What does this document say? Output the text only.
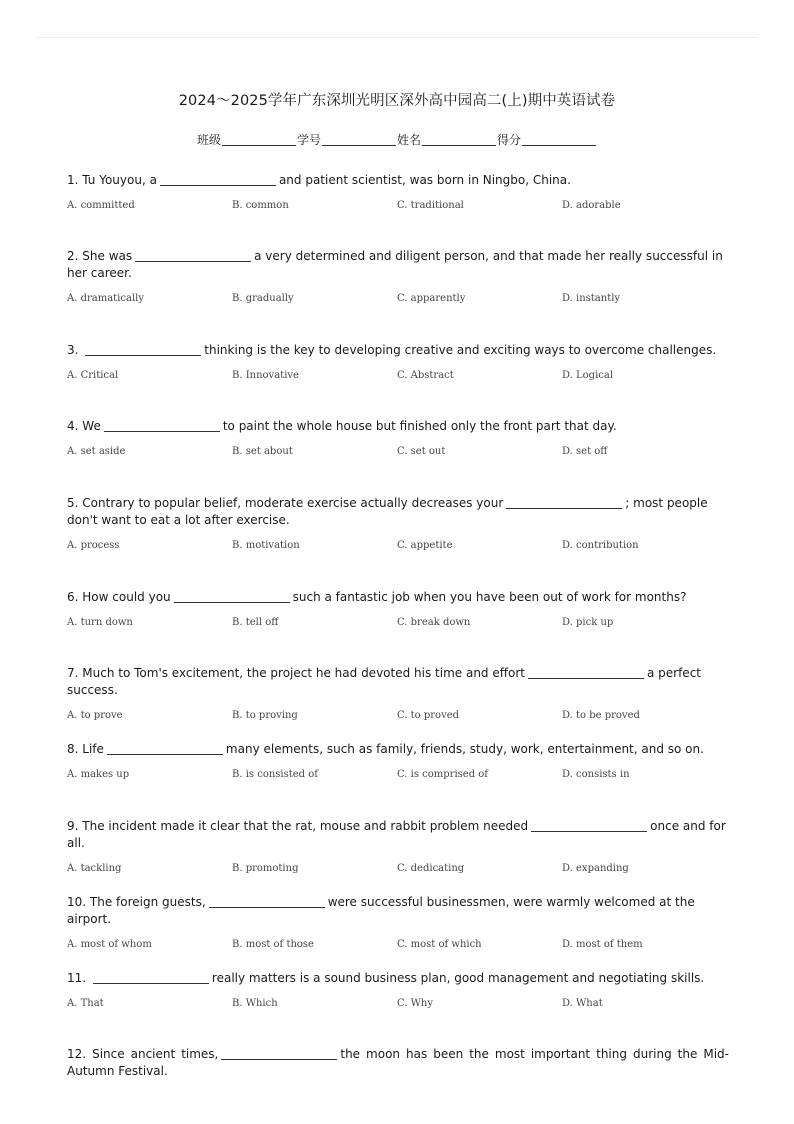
2024～2025学年广东深圳光明区深外高中园高二(上)期中英语试卷
班级	学号	姓名	得分

1. Tu Youyou, a	and patient scientist, was born in Ningbo, China.

A. committed	B. common	C. traditional	D. adorable

2. She was	a very determined and diligent person, and that made her really successful in her career.

A. dramatically	B. gradually	C. apparently	D. instantly

3.	thinking is the key to developing creative and exciting ways to overcome challenges.

A. Critical	B. Innovative	C. Abstract	D. Logical

4. We	to paint the whole house but finished only the front part that day.

A. set aside	B. set about	C. set out	D. set off

5. Contrary to popular belief, moderate exercise actually decreases your	; most people don't want to eat a lot after exercise.

A. process	B. motivation	C. appetite	D. contribution

6. How could you	such a fantastic job when you have been out of work for months?

A. turn down	B. tell off	C. break down	D. pick up

7. Much to Tom's excitement, the project he had devoted his time and effort	a perfect success.

A. to prove	B. to proving	C. to proved	D. to be proved

8. Life	many elements, such as family, friends, study, work, entertainment, and so on.

A. makes up	B. is consisted of	C. is comprised of	D. consists in

9. The incident made it clear that the rat, mouse and rabbit problem needed	once and for all.

A. tackling	B. promoting	C. dedicating	D. expanding

10. The foreign guests,	were successful businessmen, were warmly welcomed at the airport.

A. most of whom	B. most of those	C. most of which	D. most of them

11.	really matters is a sound business plan, good management and negotiating skills.

A. That	B. Which	C. Why	D. What

12. Since ancient times,	the moon has been the most important thing during the Mid-Autumn Festival.
